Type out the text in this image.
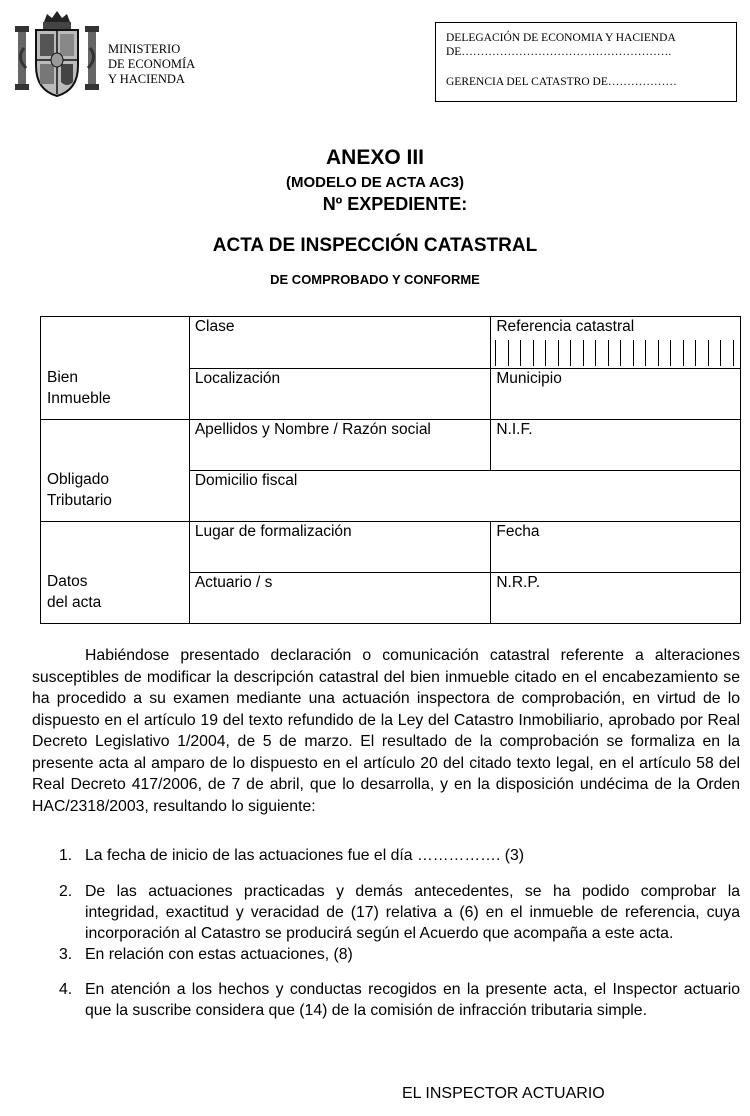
MINISTERIO
DE ECONOMÍA
Y HACIENDA
DELEGACIÓN DE ECONOMIA Y HACIENDA
DE……………………………………………….
GERENCIA DEL CATASTRO DE………………
ANEXO III
(MODELO DE ACTA AC3)
Nº EXPEDIENTE:
ACTA DE INSPECCIÓN CATASTRAL
DE COMPROBADO Y CONFORME
Bien
Inmueble	Clase	Referencia catastral

	Localización	Municipio
Obligado
Tributario	Apellidos y Nombre / Razón social	N.I.F.
	Domicilio fiscal	
Datos
del acta	Lugar de formalización	Fecha
	Actuario / s	N.R.P.
Habiéndose presentado declaración o comunicación catastral referente a alteraciones susceptibles de modificar la descripción catastral del bien inmueble citado en el encabezamiento se ha procedido a su examen mediante una actuación inspectora de comprobación, en virtud de lo dispuesto en el artículo 19 del texto refundido de la Ley del Catastro Inmobiliario, aprobado por Real Decreto Legislativo 1/2004, de 5 de marzo. El resultado de la comprobación se formaliza en la presente acta al amparo de lo dispuesto en el artículo 20 del citado texto legal, en el artículo 58 del Real Decreto 417/2006, de 7 de abril, que lo desarrolla, y en la disposición undécima de la Orden HAC/2318/2003, resultando lo siguiente:
1. La fecha de inicio de las actuaciones fue el día ……………. (3)
2. De las actuaciones practicadas y demás antecedentes, se ha podido comprobar la integridad, exactitud y veracidad de (17) relativa a (6) en el inmueble de referencia, cuya incorporación al Catastro se producirá según el Acuerdo que acompaña a este acta.
3. En relación con estas actuaciones, (8)
4. En atención a los hechos y conductas recogidos en la presente acta, el Inspector actuario que la suscribe considera que (14) de la comisión de infracción tributaria simple.
EL INSPECTOR ACTUARIO
